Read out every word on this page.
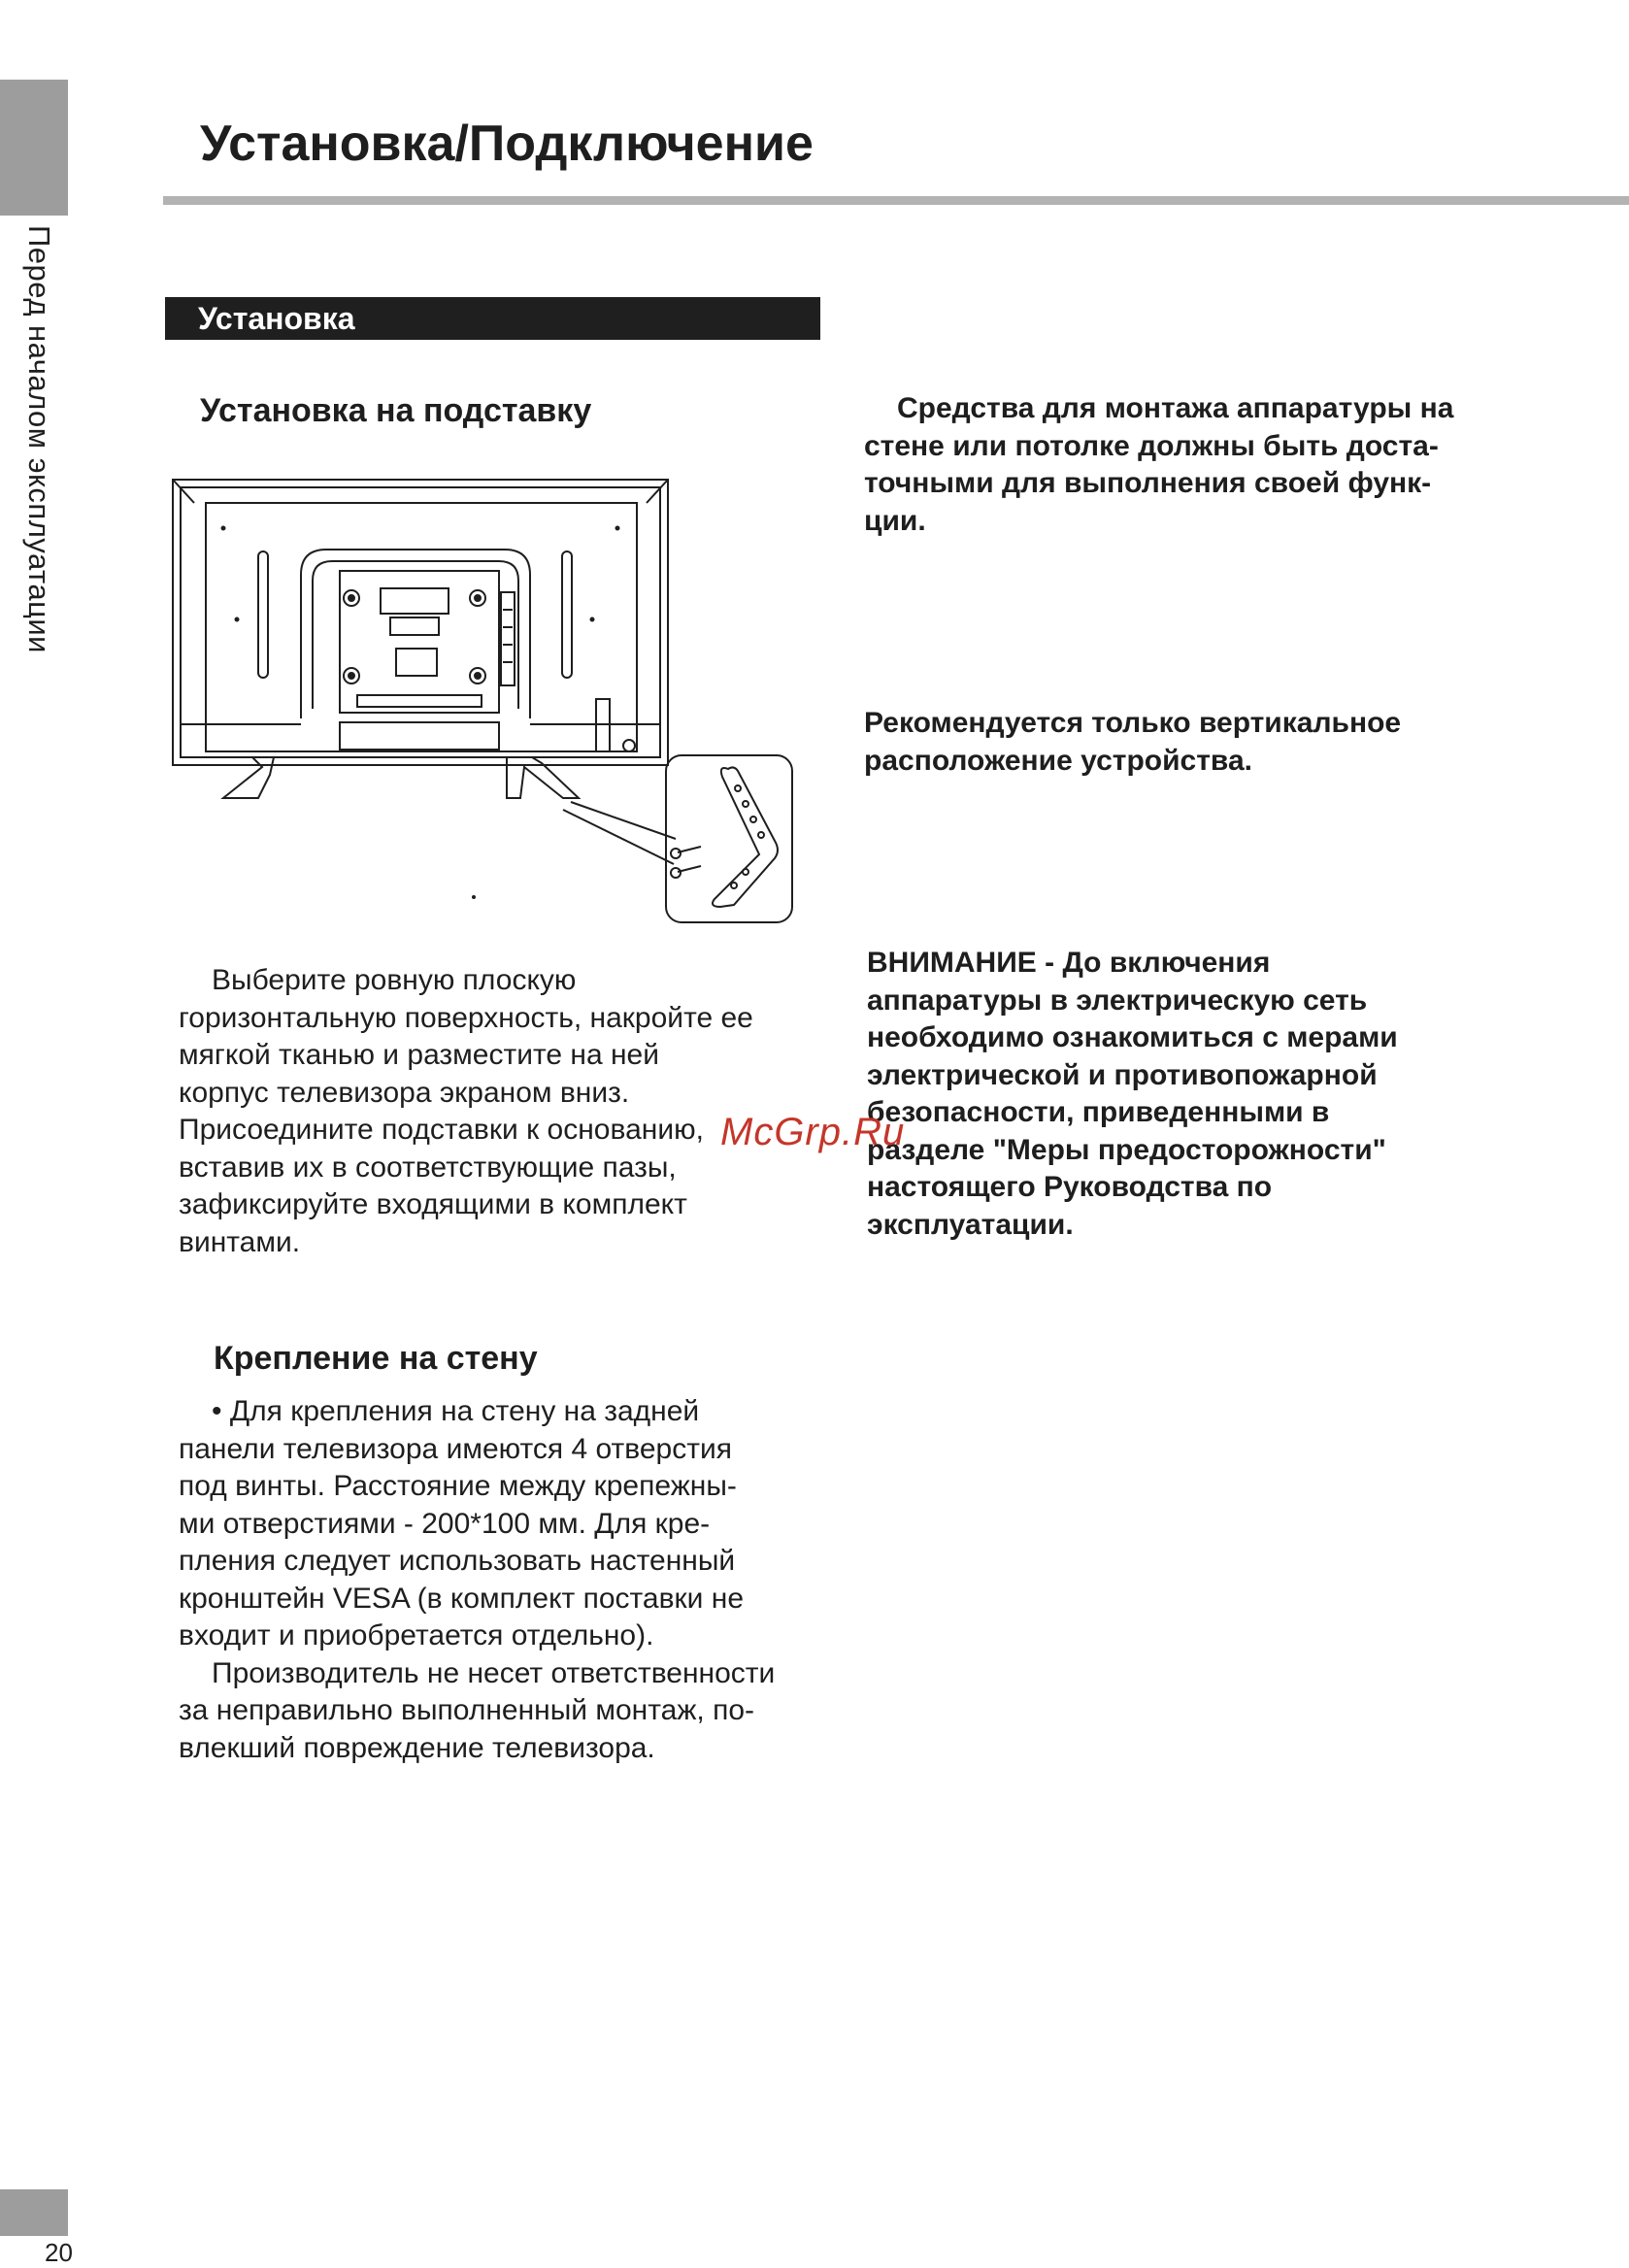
Перед началом эксплуатации
20
Установка/Подключение
Установка
Установка на подставку
Выберите ровную плоскую
горизонтальную поверхность, накройте ее
мягкой тканью и разместите на ней
корпус телевизора экраном вниз.
Присоедините подставки к основанию,
вставив их в соответствующие пазы,
зафиксируйте входящими в комплект
винтами.
Крепление на стену
• Для крепления на стену на задней
панели телевизора имеются 4 отверстия
под винты. Расстояние между крепежны-
ми отверстиями - 200*100 мм. Для кре-
пления следует использовать настенный
кронштейн VESA (в комплект поставки не
входит и приобретается отдельно).
Производитель не несет ответственности
за неправильно выполненный монтаж, по-
влекший повреждение телевизора.
Средства для монтажа аппаратуры на
стене или потолке должны быть доста-
точными для выполнения своей функ-
ции.
Рекомендуется только вертикальное
расположение устройства.
ВНИМАНИЕ - До включения
аппаратуры в электрическую сеть
необходимо ознакомиться с мерами
электрической и противопожарной
безопасности, приведенными в
разделе "Меры предосторожности"
настоящего Руководства по
эксплуатации.
McGrp.Ru
